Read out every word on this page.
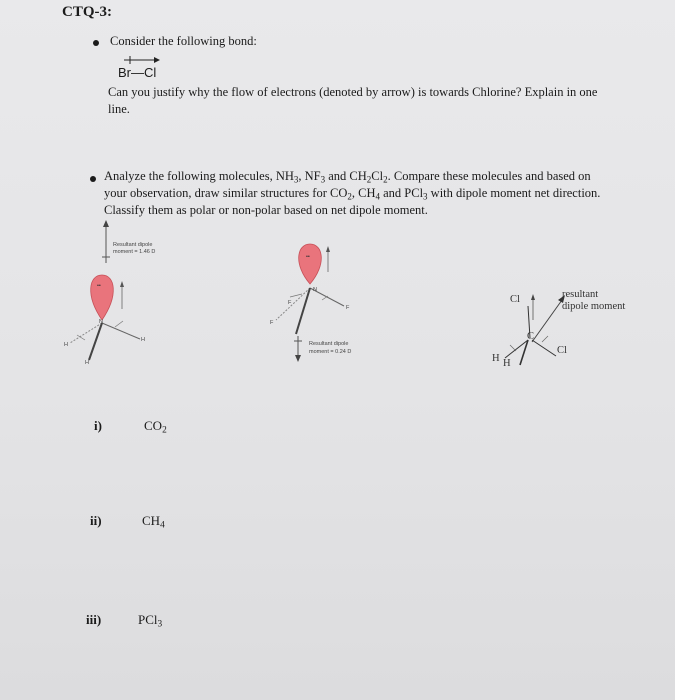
CTQ-3:
Consider the following bond:
Br—Cl
Can you justify why the flow of electrons (denoted by arrow) is towards Chlorine? Explain in one
line.
Analyze the following molecules, $NH_3$, $NF_3$ and $CH_2Cl_2$. Compare these molecules and based on
your observation, draw similar structures for $CO_2$, $CH_4$ and PCl$_3$ with dipole moment net direction.
Classify them as polar or non-polar based on net dipole moment.
Resultant dipole
moment = 1.46 D
••
N
H
H
H
••
N
F
F
F
Resultant dipole
moment = 0.24 D
resultant
dipole moment
Cl
C
Cl
H H
i)	$CO_2$
ii)	$CH_4$
iii)	PCl$_3$
